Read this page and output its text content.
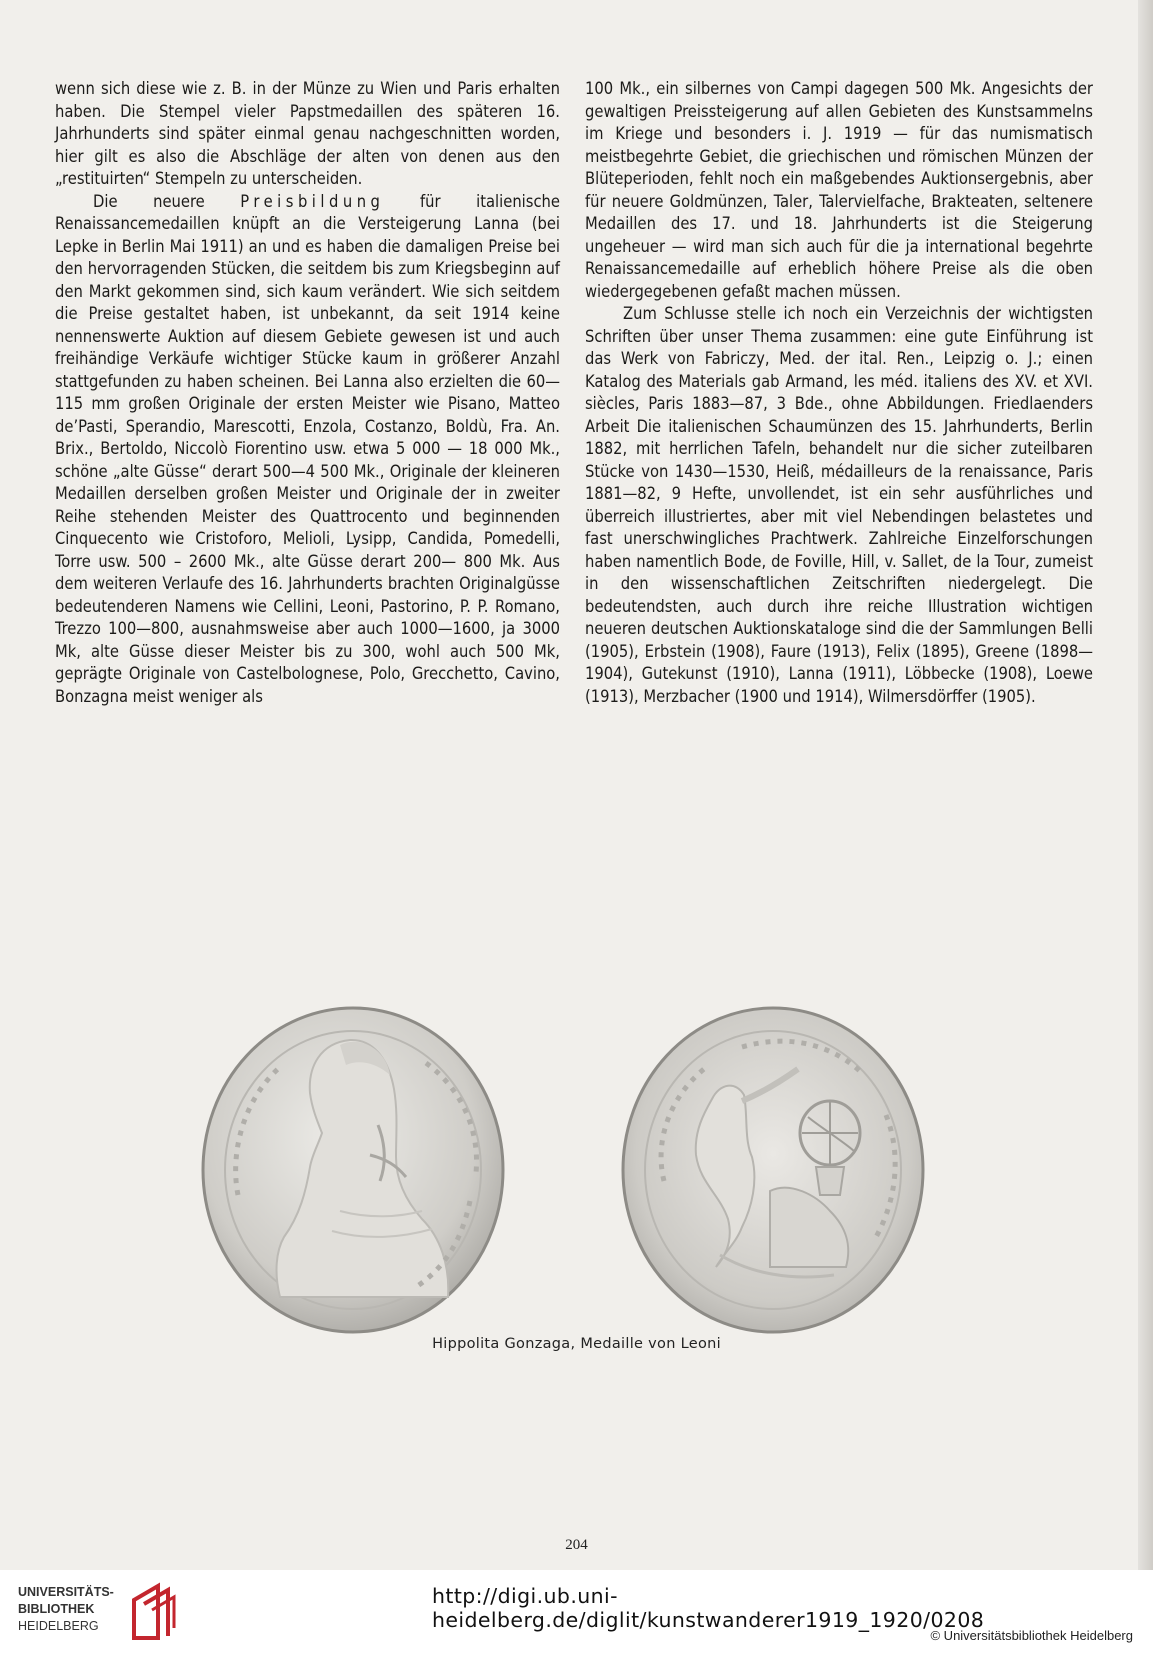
wenn sich diese wie z. B. in der Münze zu Wien und Paris erhalten haben. Die Stempel vieler Papstmedaillen des späteren 16. Jahrhunderts sind später einmal genau nachgeschnitten worden, hier gilt es also die Abschläge der alten von denen aus den „restituirten“ Stempeln zu unterscheiden.

Die neuere Preisbildung für italienische Renaissancemedaillen knüpft an die Versteigerung Lanna (bei Lepke in Berlin Mai 1911) an und es haben die damaligen Preise bei den hervorragenden Stücken, die seitdem bis zum Kriegsbeginn auf den Markt gekommen sind, sich kaum verändert. Wie sich seitdem die Preise gestaltet haben, ist unbekannt, da seit 1914 keine nennenswerte Auktion auf diesem Gebiete gewesen ist und auch freihändige Verkäufe wichtiger Stücke kaum in größerer Anzahl stattgefunden zu haben scheinen. Bei Lanna also erzielten die 60—115 mm großen Originale der ersten Meister wie Pisano, Matteo de’Pasti, Sperandio, Marescotti, Enzola, Costanzo, Boldù, Fra. An. Brix., Bertoldo, Niccolò Fiorentino usw. etwa 5 000 — 18 000 Mk., schöne „alte Güsse“ derart 500—4 500 Mk., Originale der kleineren Medaillen derselben großen Meister und Originale der in zweiter Reihe stehenden Meister des Quattrocento und beginnenden Cinquecento wie Cristoforo, Melioli, Lysipp, Candida, Pomedelli, Torre usw. 500 – 2600 Mk., alte Güsse derart 200— 800 Mk. Aus dem weiteren Verlaufe des 16. Jahrhunderts brachten Originalgüsse bedeutenderen Namens wie Cellini, Leoni, Pastorino, P. P. Romano, Trezzo 100—800, ausnahmsweise aber auch 1000—1600, ja 3000 Mk, alte Güsse dieser Meister bis zu 300, wohl auch 500 Mk, geprägte Originale von Castelbolognese, Polo, Grecchetto, Cavino, Bonzagna meist weniger als

100 Mk., ein silbernes von Campi dagegen 500 Mk. Angesichts der gewaltigen Preissteigerung auf allen Gebieten des Kunstsammelns im Kriege und besonders i. J. 1919 — für das numismatisch meistbegehrte Gebiet, die griechischen und römischen Münzen der Blüteperioden, fehlt noch ein maßgebendes Auktionsergebnis, aber für neuere Goldmünzen, Taler, Talervielfache, Brakteaten, seltenere Medaillen des 17. und 18. Jahrhunderts ist die Steigerung ungeheuer — wird man sich auch für die ja international begehrte Renaissancemedaille auf erheblich höhere Preise als die oben wiedergegebenen gefaßt machen müssen.

Zum Schlusse stelle ich noch ein Verzeichnis der wichtigsten Schriften über unser Thema zusammen: eine gute Einführung ist das Werk von Fabriczy, Med. der ital. Ren., Leipzig o. J.; einen Katalog des Materials gab Armand, les méd. italiens des XV. et XVI. siècles, Paris 1883—87, 3 Bde., ohne Abbildungen. Friedlaenders Arbeit Die italienischen Schaumünzen des 15. Jahrhunderts, Berlin 1882, mit herrlichen Tafeln, behandelt nur die sicher zuteilbaren Stücke von 1430—1530, Heiß, médailleurs de la renaissance, Paris 1881—82, 9 Hefte, unvollendet, ist ein sehr ausführliches und überreich illustriertes, aber mit viel Nebendingen belastetes und fast unerschwingliches Prachtwerk. Zahlreiche Einzelforschungen haben namentlich Bode, de Foville, Hill, v. Sallet, de la Tour, zumeist in den wissenschaftlichen Zeitschriften niedergelegt. Die bedeutendsten, auch durch ihre reiche Illustration wichtigen neueren deutschen Auktionskataloge sind die der Sammlungen Belli (1905), Erbstein (1908), Faure (1913), Felix (1895), Greene (1898—1904), Gutekunst (1910), Lanna (1911), Löbbecke (1908), Loewe (1913), Merzbacher (1900 und 1914), Wilmersdörffer (1905).

Hippolita Gonzaga, Medaille von Leoni
204
UNIVERSITÄTS-
BIBLIOTHEK
HEIDELBERG
http://digi.ub.uni-heidelberg.de/diglit/kunstwanderer1919_1920/0208
© Universitätsbibliothek Heidelberg
